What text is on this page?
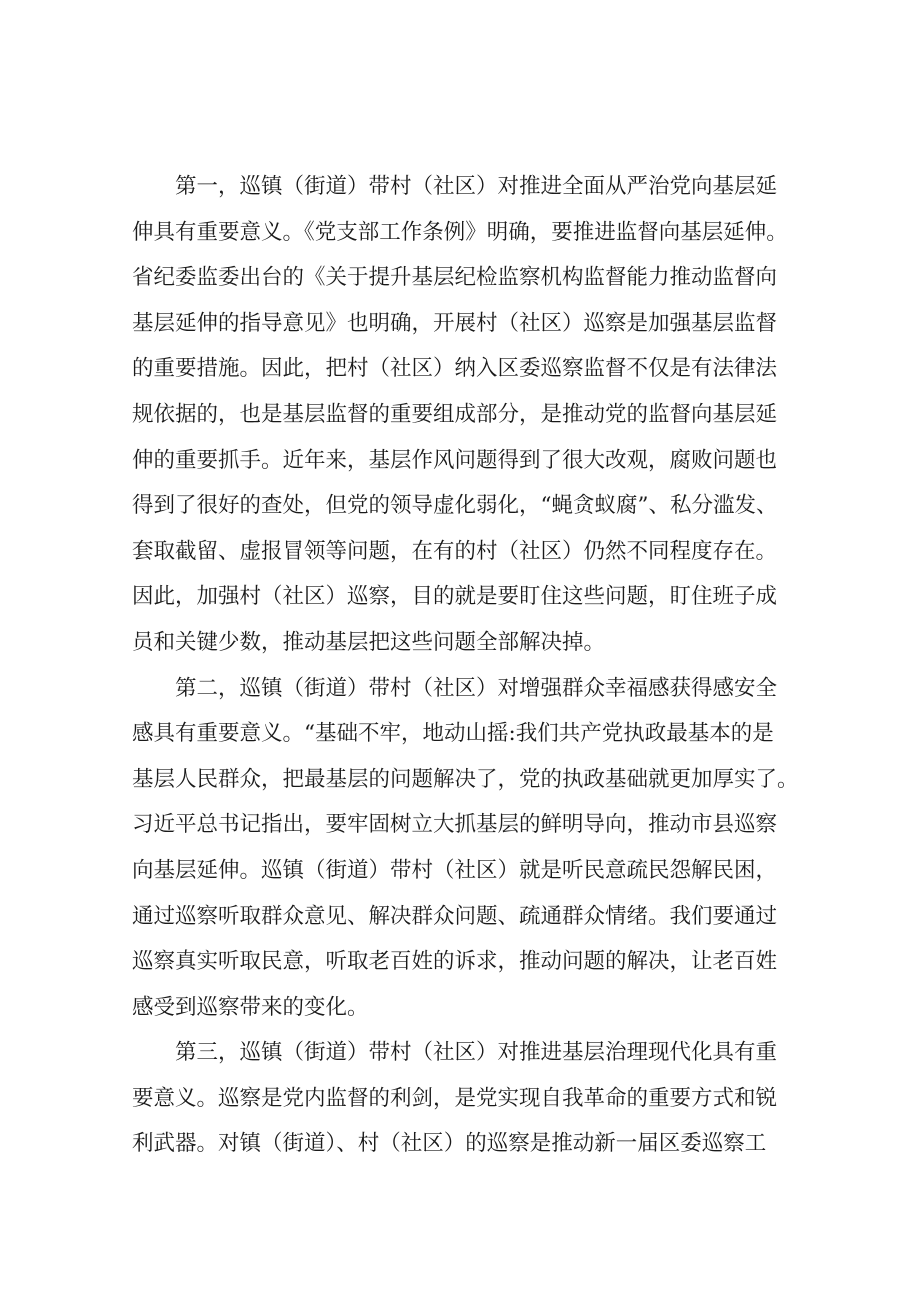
第一，巡镇（街道）带村（社区）对推进全面从严治党向基层延
伸具有重要意义。《党支部工作条例》明确，要推进监督向基层延伸。
省纪委监委出台的《关于提升基层纪检监察机构监督能力推动监督向
基层延伸的指导意见》也明确，开展村（社区）巡察是加强基层监督
的重要措施。因此，把村（社区）纳入区委巡察监督不仅是有法律法
规依据的，也是基层监督的重要组成部分，是推动党的监督向基层延
伸的重要抓手。近年来，基层作风问题得到了很大改观，腐败问题也
得到了很好的查处，但党的领导虚化弱化，“蝇贪蚁腐”、私分滥发、
套取截留、虚报冒领等问题，在有的村（社区）仍然不同程度存在。
因此，加强村（社区）巡察，目的就是要盯住这些问题，盯住班子成
员和关键少数，推动基层把这些问题全部解决掉。
第二，巡镇（街道）带村（社区）对增强群众幸福感获得感安全
感具有重要意义。“基础不牢，地动山摇:我们共产党执政最基本的是
基层人民群众，把最基层的问题解决了，党的执政基础就更加厚实了。
习近平总书记指出，要牢固树立大抓基层的鲜明导向，推动市县巡察
向基层延伸。巡镇（街道）带村（社区）就是听民意疏民怨解民困，
通过巡察听取群众意见、解决群众问题、疏通群众情绪。我们要通过
巡察真实听取民意，听取老百姓的诉求，推动问题的解决，让老百姓
感受到巡察带来的变化。
第三，巡镇（街道）带村（社区）对推进基层治理现代化具有重
要意义。巡察是党内监督的利剑，是党实现自我革命的重要方式和锐
利武器。对镇（街道）、村（社区）的巡察是推动新一届区委巡察工
